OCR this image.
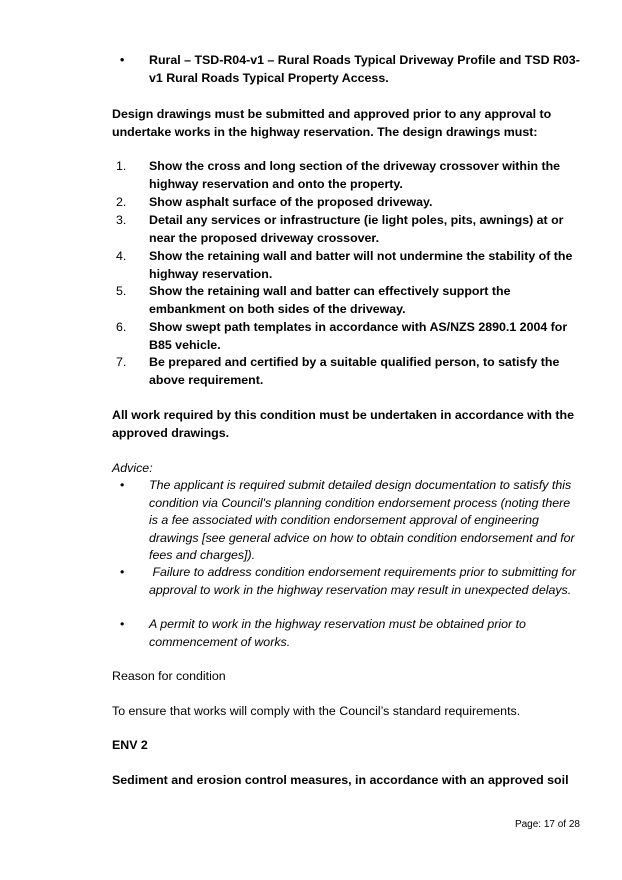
• Rural – TSD-R04-v1 – Rural Roads Typical Driveway Profile and TSD R03-v1 Rural Roads Typical Property Access.
Design drawings must be submitted and approved prior to any approval to undertake works in the highway reservation. The design drawings must:
1. Show the cross and long section of the driveway crossover within the highway reservation and onto the property.
2. Show asphalt surface of the proposed driveway.
3. Detail any services or infrastructure (ie light poles, pits, awnings) at or near the proposed driveway crossover.
4. Show the retaining wall and batter will not undermine the stability of the highway reservation.
5. Show the retaining wall and batter can effectively support the embankment on both sides of the driveway.
6. Show swept path templates in accordance with AS/NZS 2890.1 2004 for B85 vehicle.
7. Be prepared and certified by a suitable qualified person, to satisfy the above requirement.
All work required by this condition must be undertaken in accordance with the approved drawings.
Advice:
• The applicant is required submit detailed design documentation to satisfy this condition via Council's planning condition endorsement process (noting there is a fee associated with condition endorsement approval of engineering drawings [see general advice on how to obtain condition endorsement and for fees and charges]).
• Failure to address condition endorsement requirements prior to submitting for approval to work in the highway reservation may result in unexpected delays.
• A permit to work in the highway reservation must be obtained prior to commencement of works.
Reason for condition
To ensure that works will comply with the Council’s standard requirements.
ENV 2
Sediment and erosion control measures, in accordance with an approved soil
Page: 17 of 28
